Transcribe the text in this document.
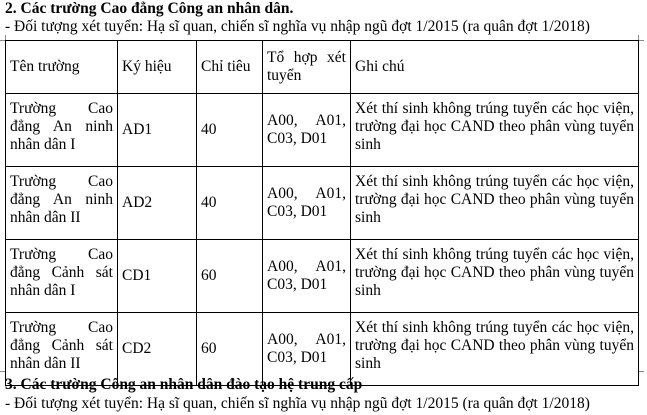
2. Các trường Cao đẳng Công an nhân dân.
- Đối tượng xét tuyển: Hạ sĩ quan, chiến sĩ nghĩa vụ nhập ngũ đợt 1/2015 (ra quân đợt 1/2018)
Tên trường	Ký hiệu	Chỉ tiêu	Tổ hợp xét tuyển	Ghi chú
Trường Cao đẳng An ninh nhân dân I	AD1	40	A00, A01, C03, D01	Xét thí sinh không trúng tuyển các học viện, trường đại học CAND theo phân vùng tuyển sinh
Trường Cao đẳng An ninh nhân dân II	AD2	40	A00, A01, C03, D01	Xét thí sinh không trúng tuyển các học viện, trường đại học CAND theo phân vùng tuyển sinh
Trường Cao đẳng Cảnh sát nhân dân I	CD1	60	A00, A01, C03, D01	Xét thí sinh không trúng tuyển các học viện, trường đại học CAND theo phân vùng tuyển sinh
Trường Cao đẳng Cảnh sát nhân dân II	CD2	60	A00, A01, C03, D01	Xét thí sinh không trúng tuyển các học viện, trường đại học CAND theo phân vùng tuyển sinh
3. Các trường Công an nhân dân đào tạo hệ trung cấp
- Đối tượng xét tuyển: Hạ sĩ quan, chiến sĩ nghĩa vụ nhập ngũ đợt 1/2015 (ra quân đợt 1/2018)
